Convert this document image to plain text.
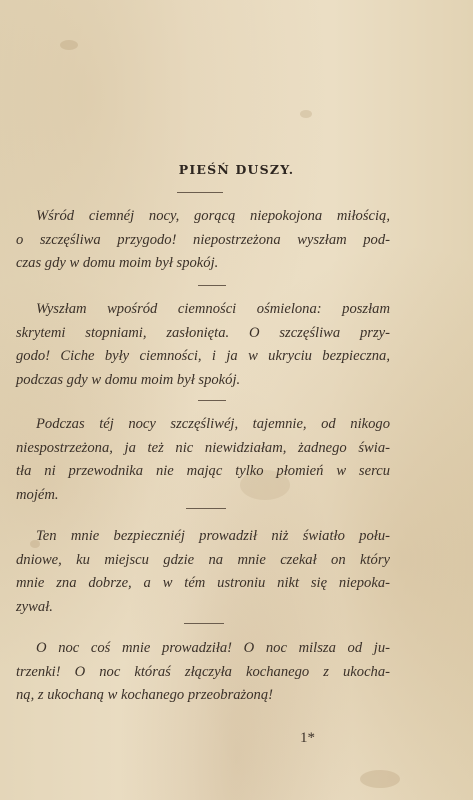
PIEŚŃ DUSZY.
Wśród ciemnéj nocy, gorącą niepokojona miłością,
o szczęśliwa przygodo! niepostrzeżona wyszłam pod-
czas gdy w domu moim był spokój.
Wyszłam wpośród ciemności ośmielona: poszłam
skrytemi stopniami, zasłonięta. O szczęśliwa przy-
godo! Ciche były ciemności, i ja w ukryciu bezpieczna,
podczas gdy w domu moim był spokój.
Podczas téj nocy szczęśliwéj, tajemnie, od nikogo
niespostrzeżona, ja też nic niewidziałam, żadnego świa-
tła ni przewodnika nie mając tylko płomień w sercu
mojém.
Ten mnie bezpieczniéj prowadził niż światło połu-
dniowe, ku miejscu gdzie na mnie czekał on który
mnie zna dobrze, a w tém ustroniu nikt się niepoka-
zywał.
O noc coś mnie prowadziła! O noc milsza od ju-
trzenki! O noc któraś złączyła kochanego z ukocha-
ną, z ukochaną w kochanego przeobrażoną!
1*
